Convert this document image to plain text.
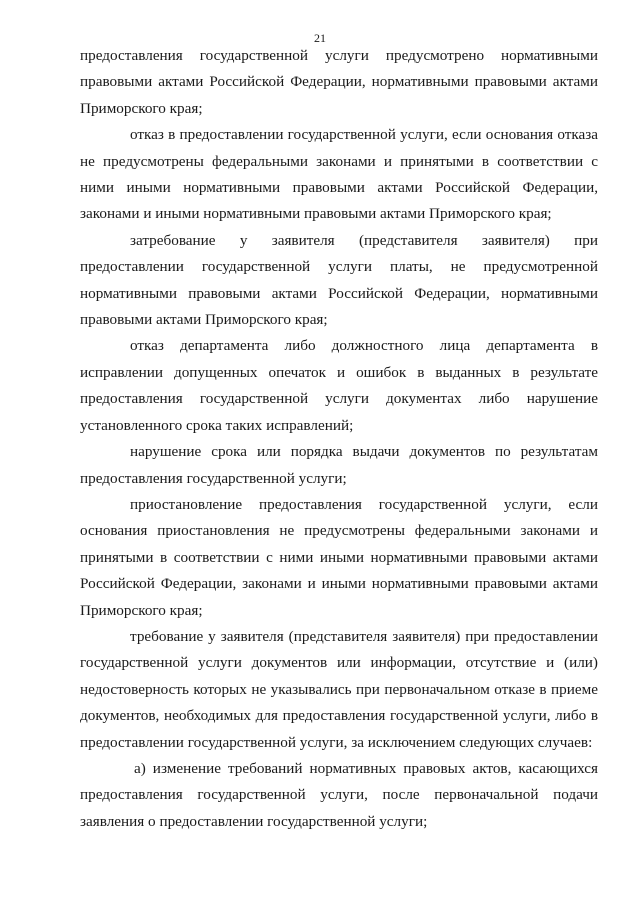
21

предоставления государственной услуги предусмотрено нормативными правовыми актами Российской Федерации, нормативными правовыми актами Приморского края;

отказ в предоставлении государственной услуги, если основания отказа не предусмотрены федеральными законами и принятыми в соответствии с ними иными нормативными правовыми актами Российской Федерации, законами и иными нормативными правовыми актами Приморского края;

затребование у заявителя (представителя заявителя) при предоставлении государственной услуги платы, не предусмотренной нормативными правовыми актами Российской Федерации, нормативными правовыми актами Приморского края;

отказ департамента либо должностного лица департамента в исправлении допущенных опечаток и ошибок в выданных в результате предоставления государственной услуги документах либо нарушение установленного срока таких исправлений;

нарушение срока или порядка выдачи документов по результатам предоставления государственной услуги;

приостановление предоставления государственной услуги, если основания приостановления не предусмотрены федеральными законами и принятыми в соответствии с ними иными нормативными правовыми актами Российской Федерации, законами и иными нормативными правовыми актами Приморского края;

требование у заявителя (представителя заявителя) при предоставлении государственной услуги документов или информации, отсутствие и (или) недостоверность которых не указывались при первоначальном отказе в приеме документов, необходимых для предоставления государственной услуги, либо в предоставлении государственной услуги, за исключением следующих случаев:

а) изменение требований нормативных правовых актов, касающихся предоставления государственной услуги, после первоначальной подачи заявления о предоставлении государственной услуги;
